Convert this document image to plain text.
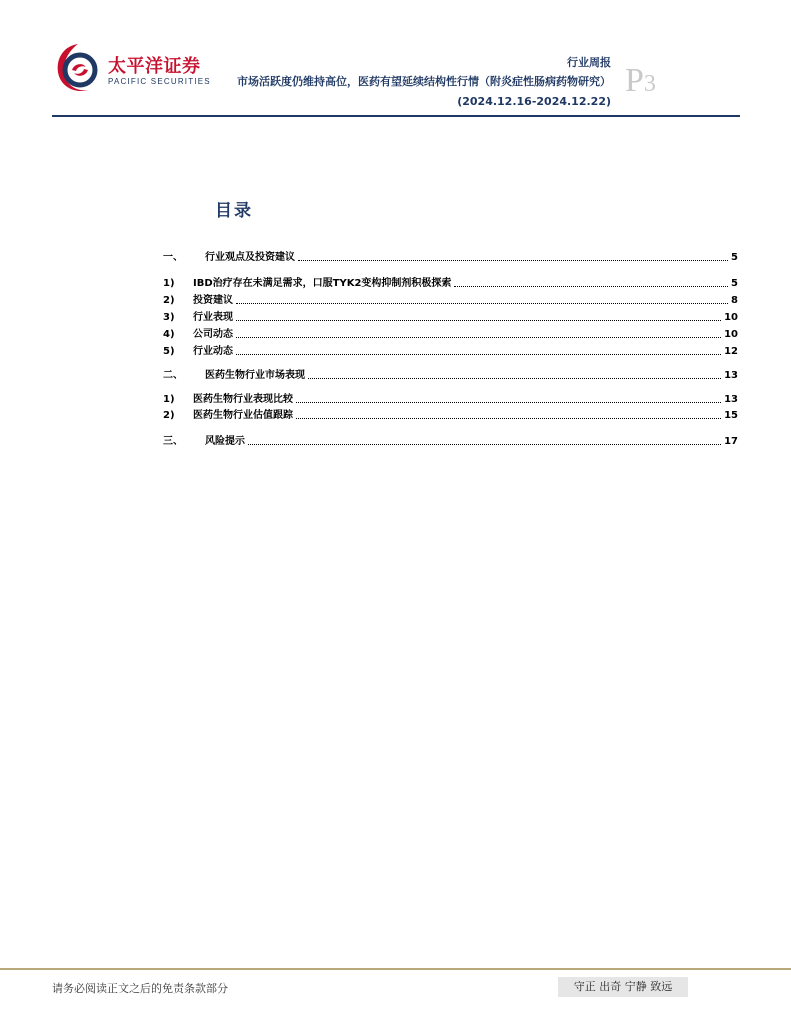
太平洋证券
PACIFIC SECURITIES
行业周报 P3
市场活跃度仍维持高位，医药有望延续结构性行情（附炎症性肠病药物研究）(2024.12.16-2024.12.22)
目录
一、	行业观点及投资建议	5
1)	IBD治疗存在未满足需求，口服TYK2变构抑制剂积极探索	5
2)	投资建议	8
3)	行业表现	10
4)	公司动态	10
5)	行业动态	12
二、	医药生物行业市场表现	13
1)	医药生物行业表现比较	13
2)	医药生物行业估值跟踪	15
三、	风险提示	17
请务必阅读正文之后的免责条款部分	守正 出奇 宁静 致远
